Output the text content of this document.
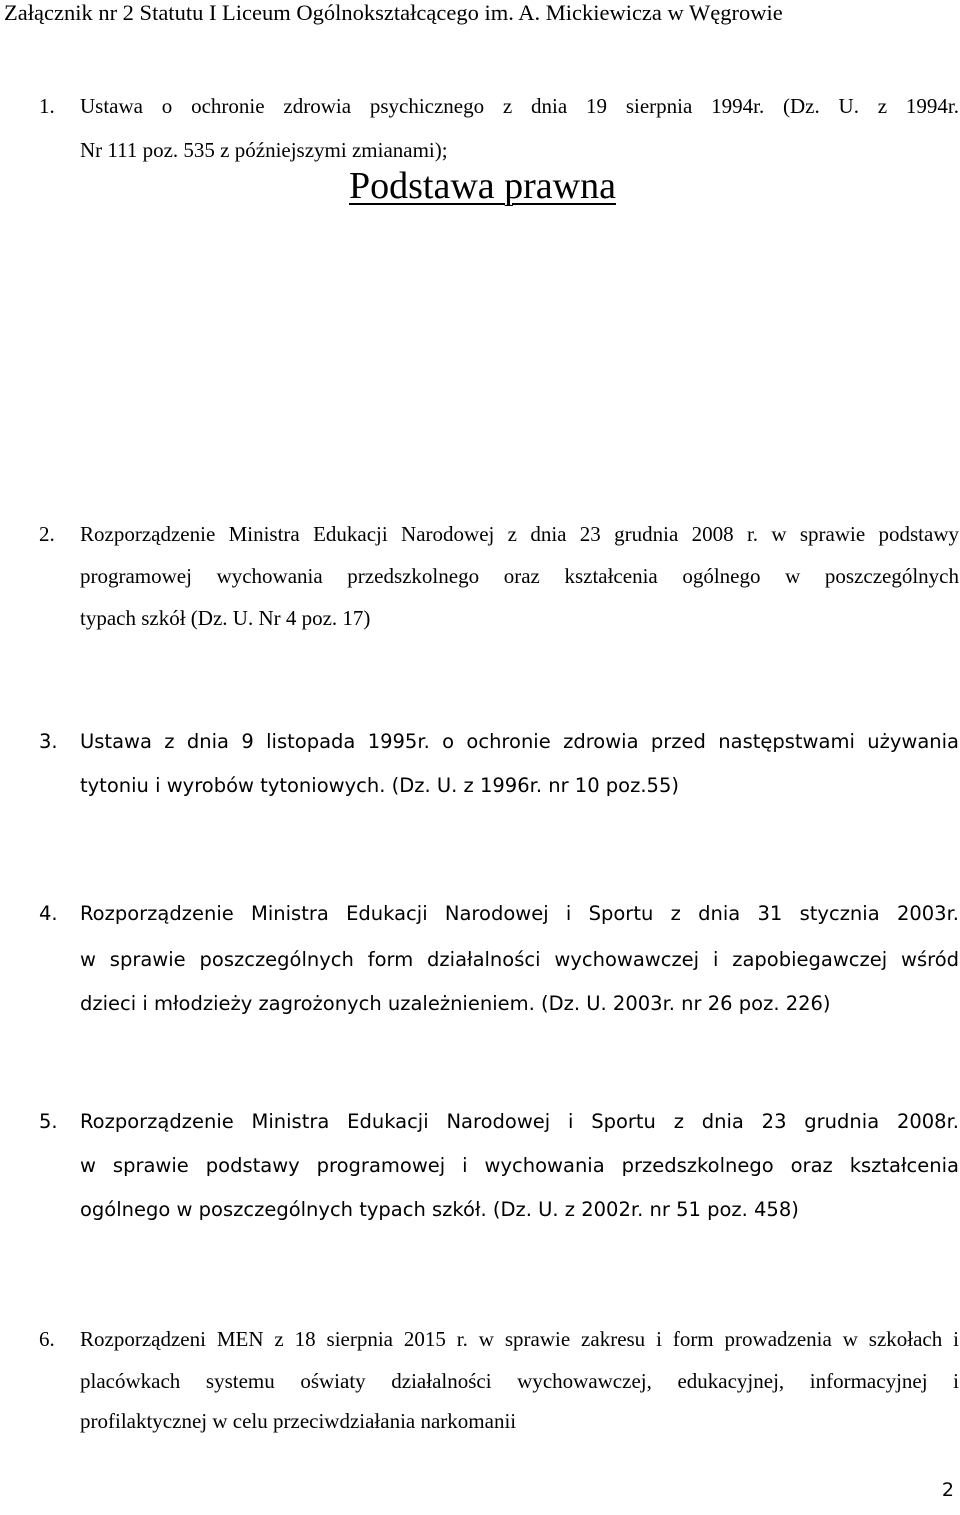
Załącznik nr 2 Statutu I Liceum Ogólnokształcącego im. A. Mickiewicza w Węgrowie
Podstawa prawna
1. Ustawa o ochronie zdrowia psychicznego z dnia 19 sierpnia 1994r. (Dz. U. z 1994r.
Nr 111 poz. 535 z późniejszymi zmianami);
2. Rozporządzenie Ministra Edukacji Narodowej z dnia 23 grudnia 2008 r. w sprawie podstawy
programowej wychowania przedszkolnego oraz kształcenia ogólnego w poszczególnych
typach szkół (Dz. U. Nr 4 poz. 17)
3. Ustawa z dnia 9 listopada 1995r. o ochronie zdrowia przed następstwami używania
tytoniu i wyrobów tytoniowych. (Dz. U. z 1996r. nr 10 poz.55)
4. Rozporządzenie Ministra Edukacji Narodowej i Sportu z dnia 31 stycznia 2003r.
w sprawie poszczególnych form działalności wychowawczej i zapobiegawczej wśród
dzieci i młodzieży zagrożonych uzależnieniem. (Dz. U. 2003r. nr 26 poz. 226)
5. Rozporządzenie Ministra Edukacji Narodowej i Sportu z dnia 23 grudnia 2008r.
w sprawie podstawy programowej i wychowania przedszkolnego oraz kształcenia
ogólnego w poszczególnych typach szkół. (Dz. U. z 2002r. nr 51 poz. 458)
6. Rozporządzeni MEN z 18 sierpnia 2015 r. w sprawie zakresu i form prowadzenia w szkołach i
placówkach systemu oświaty działalności wychowawczej, edukacyjnej, informacyjnej i
profilaktycznej w celu przeciwdziałania narkomanii
2
